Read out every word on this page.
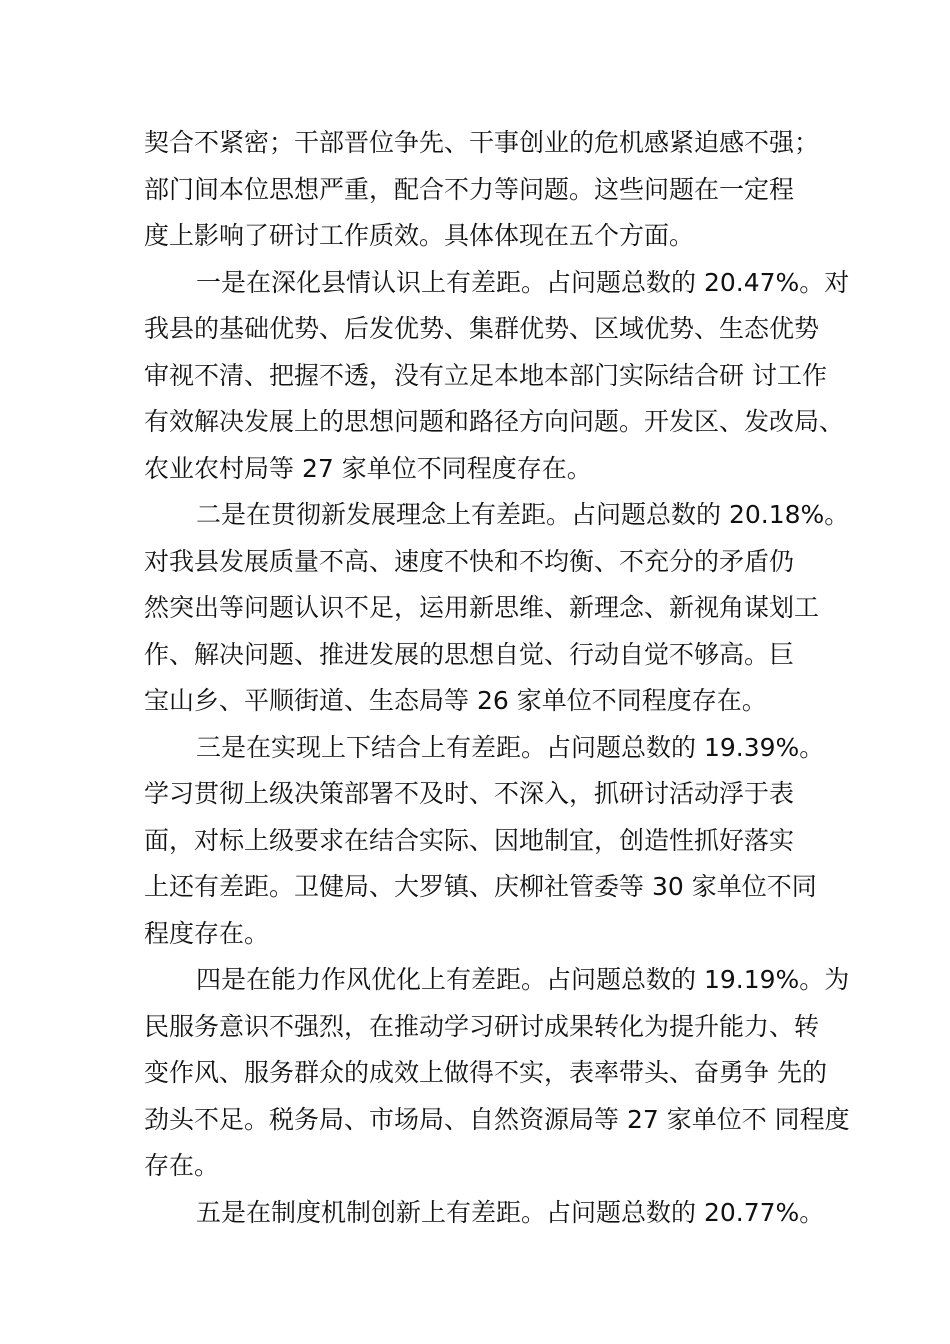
契合不紧密；干部晋位争先、干事创业的危机感紧迫感不强；
部门间本位思想严重，配合不力等问题。这些问题在一定程
度上影响了研讨工作质效。具体体现在五个方面。
一是在深化县情认识上有差距。占问题总数的 20.47%。对
我县的基础优势、后发优势、集群优势、区域优势、生态优势
审视不清、把握不透，没有立足本地本部门实际结合研 讨工作
有效解决发展上的思想问题和路径方向问题。开发区、发改局、
农业农村局等 27 家单位不同程度存在。
二是在贯彻新发展理念上有差距。占问题总数的 20.18%。
对我县发展质量不高、速度不快和不均衡、不充分的矛盾仍
然突出等问题认识不足，运用新思维、新理念、新视角谋划工
作、解决问题、推进发展的思想自觉、行动自觉不够高。巨
宝山乡、平顺街道、生态局等 26 家单位不同程度存在。
三是在实现上下结合上有差距。占问题总数的 19.39%。
学习贯彻上级决策部署不及时、不深入，抓研讨活动浮于表
面，对标上级要求在结合实际、因地制宜，创造性抓好落实
上还有差距。卫健局、大罗镇、庆柳社管委等 30 家单位不同
程度存在。
四是在能力作风优化上有差距。占问题总数的 19.19%。为
民服务意识不强烈，在推动学习研讨成果转化为提升能力、转
变作风、服务群众的成效上做得不实，表率带头、奋勇争 先的
劲头不足。税务局、市场局、自然资源局等 27 家单位不 同程度
存在。
五是在制度机制创新上有差距。占问题总数的 20.77%。
